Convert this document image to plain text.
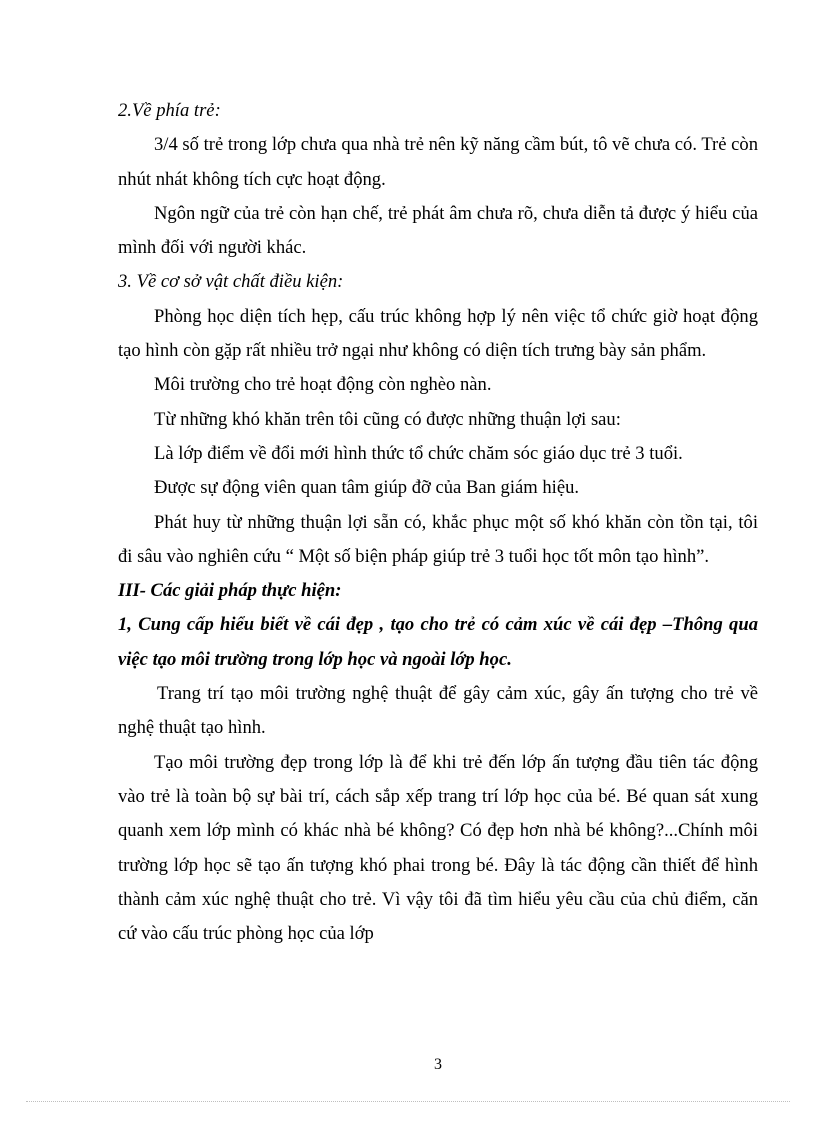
2.Về phía trẻ:

3/4 số trẻ trong lớp chưa qua nhà trẻ nên kỹ năng cầm bút, tô vẽ chưa có. Trẻ còn nhút nhát không tích cực hoạt động.

Ngôn ngữ của trẻ còn hạn chế, trẻ phát âm chưa rõ, chưa diễn tả được ý hiểu của mình đối với người khác.

3. Về cơ sở vật chất điều kiện:

Phòng học diện tích hẹp, cấu trúc không hợp lý nên việc tổ chức giờ hoạt động tạo hình còn gặp rất nhiều trở ngại như không có diện tích trưng bày sản phẩm.

Môi trường cho trẻ hoạt động còn nghèo nàn.

Từ những khó khăn trên tôi cũng có được những thuận lợi sau:

Là lớp điểm về đổi mới hình thức tổ chức chăm sóc giáo dục trẻ 3 tuổi.

Được sự động viên quan tâm giúp đỡ của Ban giám hiệu.

Phát huy từ những thuận lợi sẵn có, khắc phục một số khó khăn còn tồn tại, tôi đi sâu vào nghiên cứu “ Một số biện pháp giúp trẻ 3 tuổi học tốt môn tạo hình”.

III- Các giải pháp thực hiện:

1, Cung cấp hiểu biết về cái đẹp , tạo cho trẻ có cảm xúc về cái đẹp –Thông qua việc tạo môi trường trong lớp học và ngoài lớp học.

Trang trí tạo môi trường nghệ thuật để gây cảm xúc, gây ấn tượng cho trẻ về nghệ thuật tạo hình.

Tạo môi trường đẹp trong lớp là để khi trẻ đến lớp ấn tượng đầu tiên tác động vào trẻ là toàn bộ sự bài trí, cách sắp xếp trang trí lớp học của bé. Bé quan sát xung quanh xem lớp mình có khác nhà bé không? Có đẹp hơn nhà bé không?...Chính môi trường lớp học sẽ tạo ấn tượng khó phai trong bé. Đây là tác động cần thiết để hình thành cảm xúc nghệ thuật cho trẻ. Vì vậy tôi đã tìm hiểu yêu cầu của chủ điểm, căn cứ vào cấu trúc phòng học của lớp

3
